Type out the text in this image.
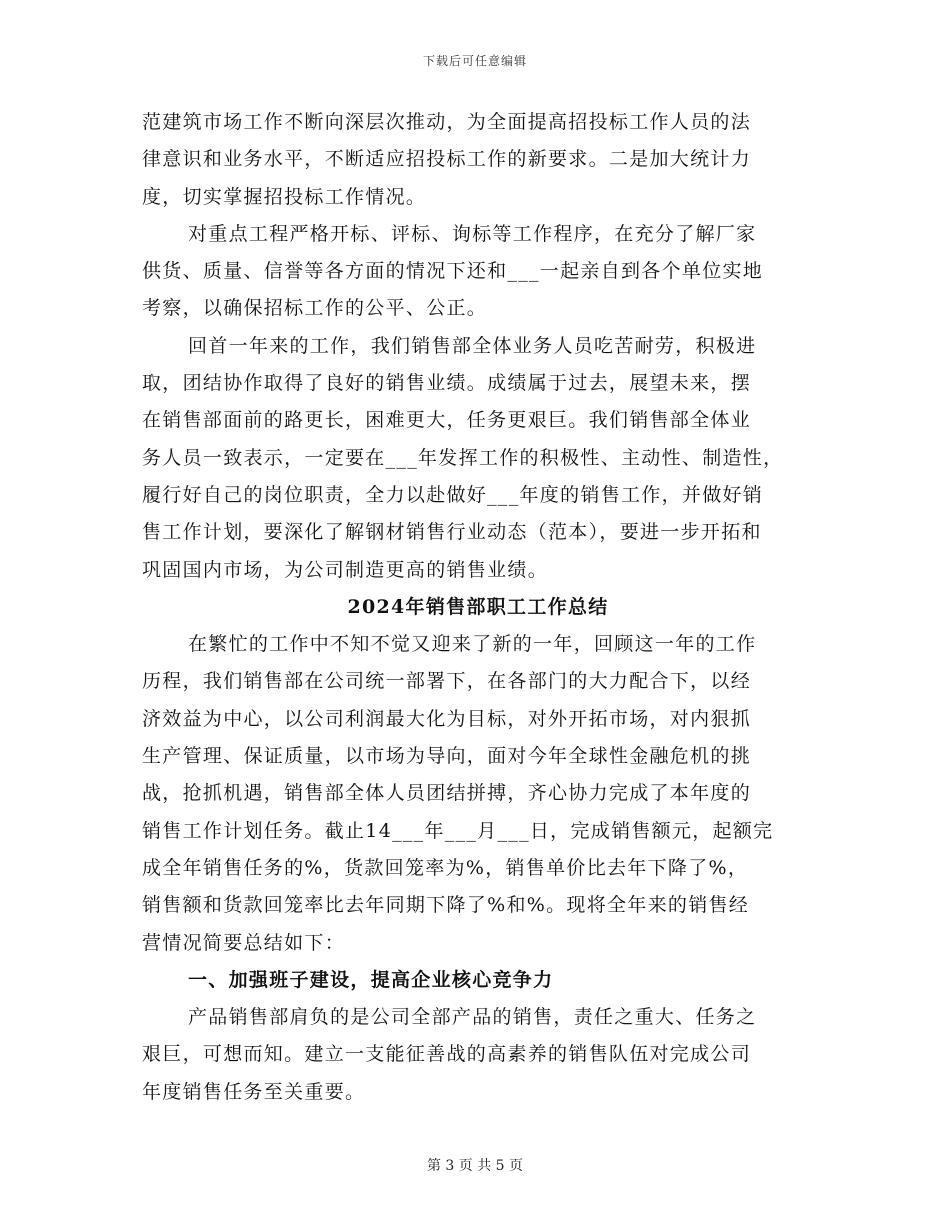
下载后可任意编辑
范建筑市场工作不断向深层次推动，为全面提高招投标工作人员的法
律意识和业务水平，不断适应招投标工作的新要求。二是加大统计力
度，切实掌握招投标工作情况。
对重点工程严格开标、评标、询标等工作程序，在充分了解厂家
供货、质量、信誉等各方面的情况下还和___一起亲自到各个单位实地
考察，以确保招标工作的公平、公正。
回首一年来的工作，我们销售部全体业务人员吃苦耐劳，积极进
取，团结协作取得了良好的销售业绩。成绩属于过去，展望未来，摆
在销售部面前的路更长，困难更大，任务更艰巨。我们销售部全体业
务人员一致表示，一定要在___年发挥工作的积极性、主动性、制造性，
履行好自己的岗位职责，全力以赴做好___年度的销售工作，并做好销
售工作计划，要深化了解钢材销售行业动态（范本），要进一步开拓和
巩固国内市场，为公司制造更高的销售业绩。
2024年销售部职工工作总结
在繁忙的工作中不知不觉又迎来了新的一年，回顾这一年的工作
历程，我们销售部在公司统一部署下，在各部门的大力配合下，以经
济效益为中心，以公司利润最大化为目标，对外开拓市场，对内狠抓
生产管理、保证质量，以市场为导向，面对今年全球性金融危机的挑
战，抢抓机遇，销售部全体人员团结拼搏，齐心协力完成了本年度的
销售工作计划任务。截止14___年___月___日，完成销售额元，起额完
成全年销售任务的%，货款回笼率为%，销售单价比去年下降了%，
销售额和货款回笼率比去年同期下降了%和%。现将全年来的销售经
营情况简要总结如下：
一、加强班子建设，提高企业核心竞争力
产品销售部肩负的是公司全部产品的销售，责任之重大、任务之
艰巨，可想而知。建立一支能征善战的高素养的销售队伍对完成公司
年度销售任务至关重要。
第 3 页 共 5 页
